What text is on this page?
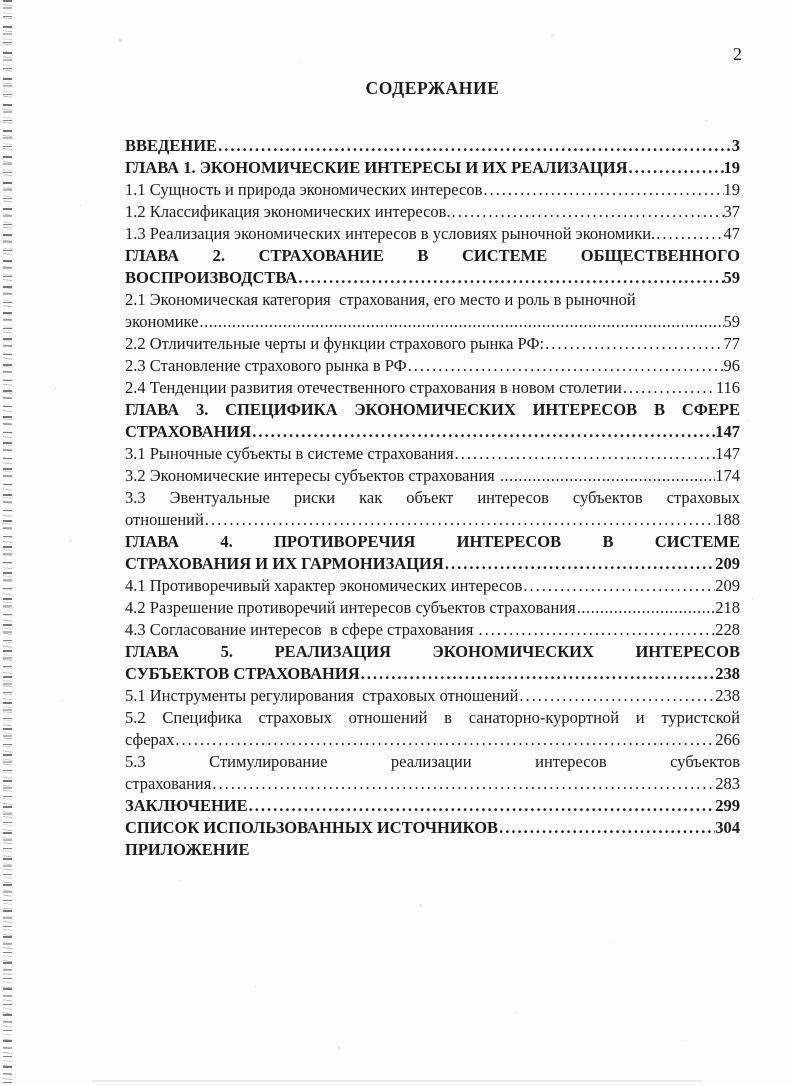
2
СОДЕРЖАНИЕ
ВВЕДЕНИЕ .....	3
ГЛАВА 1. ЭКОНОМИЧЕСКИЕ ИНТЕРЕСЫ И ИХ РЕАЛИЗАЦИЯ .....	19
1.1 Сущность и природа экономических интересов .....	19
1.2 Классификация экономических интересов. .....	37
1.3 Реализация экономических интересов в условиях рыночной экономики. .....	47
ГЛАВА 2. СТРАХОВАНИЕ В СИСТЕМЕ ОБЩЕСТВЕННОГО
ВОСПРОИЗВОДСТВА .....	59
2.1 Экономическая категория  страхования, его место и роль в рыночной
экономике .....	59
2.2 Отличительные черты и функции страхового рынка РФ: .....	77
2.3 Становление страхового рынка в РФ .....	96
2.4 Тенденции развития отечественного страхования в новом столетии .....	116
ГЛАВА 3. СПЕЦИФИКА ЭКОНОМИЧЕСКИХ ИНТЕРЕСОВ В СФЕРЕ
СТРАХОВАНИЯ .....	147
3.1 Рыночные субъекты в системе страхования .....	147
3.2 Экономические интересы субъектов страхования .....	174
3.3 Эвентуальные риски как объект интересов субъектов страховых
отношений .....	188
ГЛАВА 4. ПРОТИВОРЕЧИЯ ИНТЕРЕСОВ В СИСТЕМЕ
СТРАХОВАНИЯ И ИХ ГАРМОНИЗАЦИЯ .....	209
4.1 Противоречивый характер экономических интересов .....	209
4.2 Разрешение противоречий интересов субъектов страхования .....	218
4.3 Согласование интересов  в сфере страхования .....	228
ГЛАВА 5. РЕАЛИЗАЦИЯ ЭКОНОМИЧЕСКИХ ИНТЕРЕСОВ
СУБЪЕКТОВ СТРАХОВАНИЯ .....	238
5.1 Инструменты регулирования  страховых отношений .....	238
5.2 Специфика страховых отношений в санаторно-курортной и туристской
сферах .....	266
5.3 Стимулирование реализации интересов субъектов
страхования .....	283
ЗАКЛЮЧЕНИЕ .....	299
СПИСОК ИСПОЛЬЗОВАННЫХ ИСТОЧНИКОВ .....	304
ПРИЛОЖЕНИЕ
